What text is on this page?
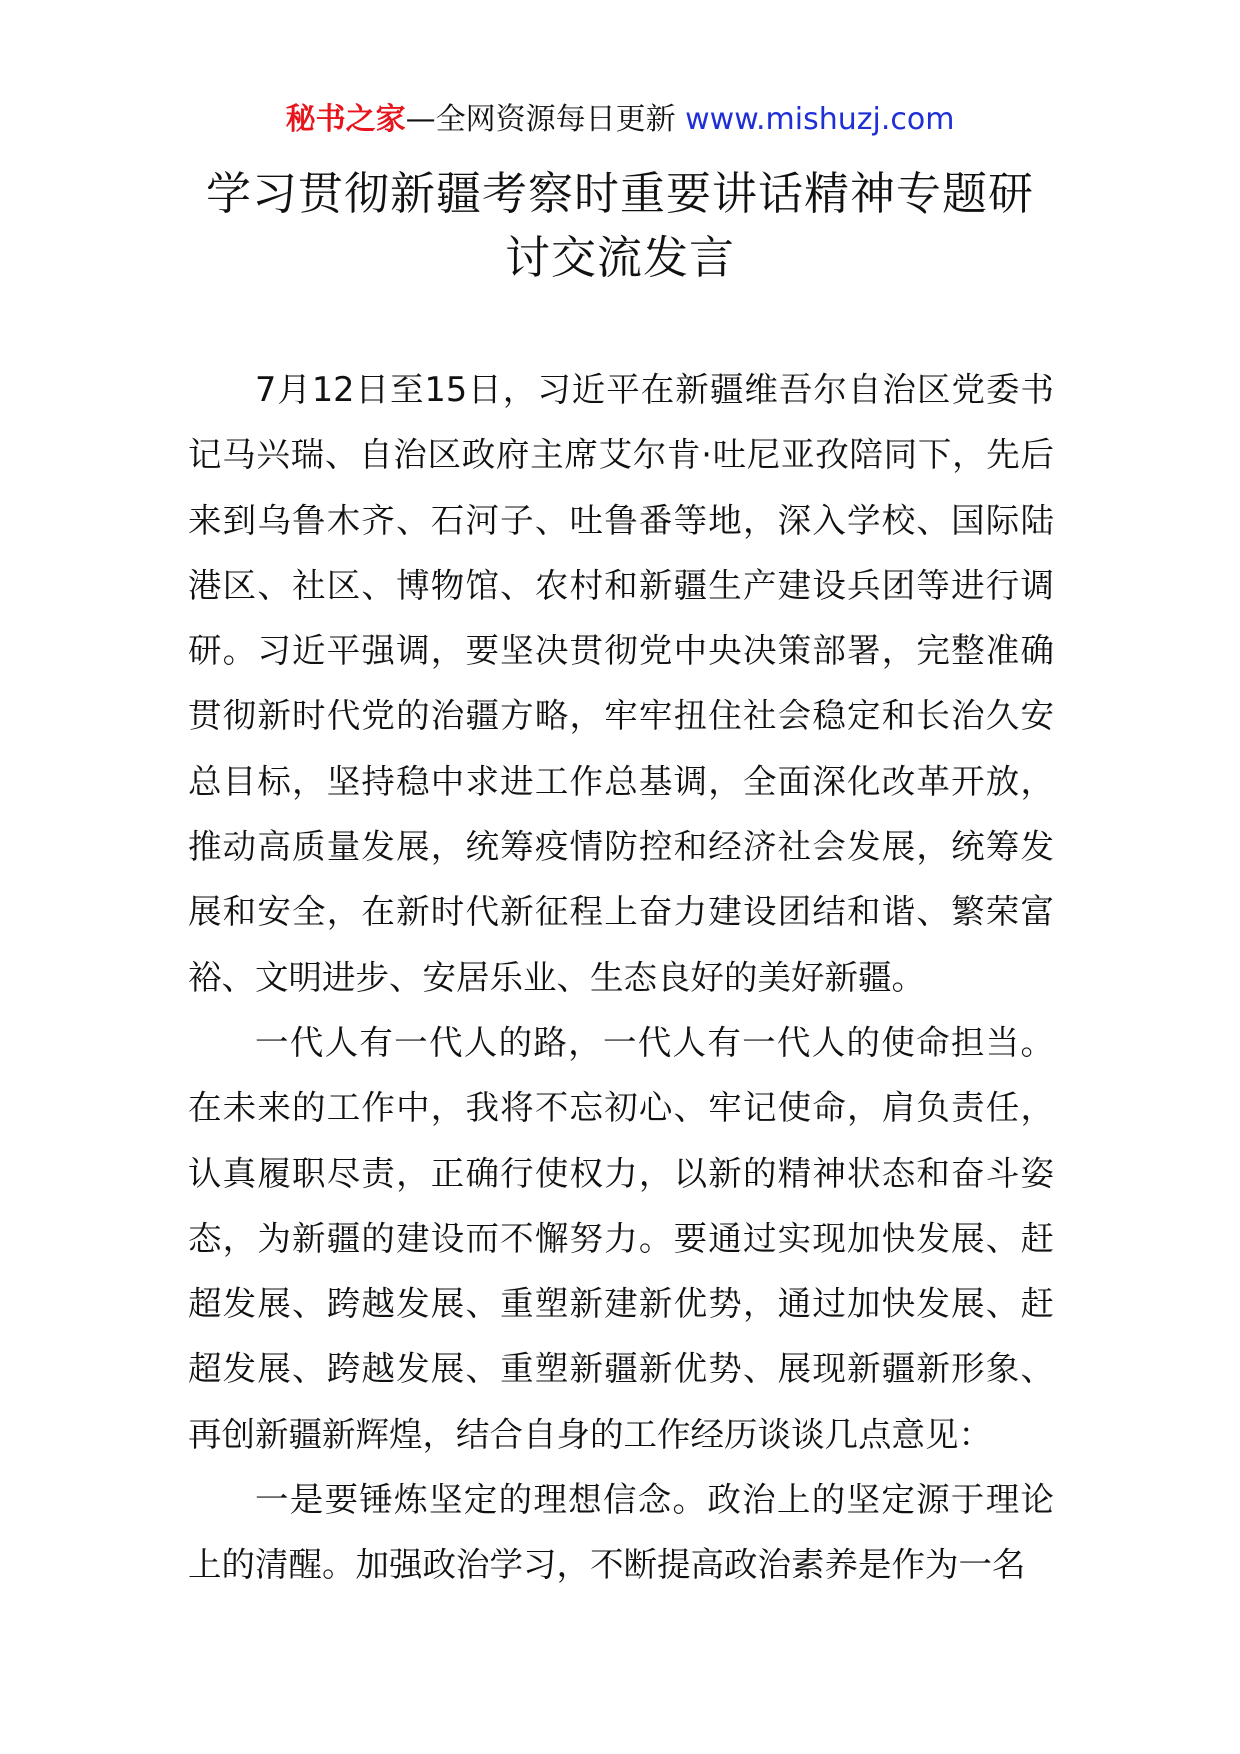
秘书之家—全网资源每日更新 www.mishuzj.com
学习贯彻新疆考察时重要讲话精神专题研讨交流发言

7月12日至15日，习近平在新疆维吾尔自治区党委书记马兴瑞、自治区政府主席艾尔肯·吐尼亚孜陪同下，先后来到乌鲁木齐、石河子、吐鲁番等地，深入学校、国际陆港区、社区、博物馆、农村和新疆生产建设兵团等进行调研。习近平强调，要坚决贯彻党中央决策部署，完整准确贯彻新时代党的治疆方略，牢牢扭住社会稳定和长治久安总目标，坚持稳中求进工作总基调，全面深化改革开放，推动高质量发展，统筹疫情防控和经济社会发展，统筹发展和安全，在新时代新征程上奋力建设团结和谐、繁荣富裕、文明进步、安居乐业、生态良好的美好新疆。

一代人有一代人的路，一代人有一代人的使命担当。在未来的工作中，我将不忘初心、牢记使命，肩负责任，认真履职尽责，正确行使权力，以新的精神状态和奋斗姿态，为新疆的建设而不懈努力。要通过实现加快发展、赶超发展、跨越发展、重塑新建新优势，通过加快发展、赶超发展、跨越发展、重塑新疆新优势、展现新疆新形象、再创新疆新辉煌，结合自身的工作经历谈谈几点意见：

一是要锤炼坚定的理想信念。政治上的坚定源于理论上的清醒。加强政治学习，不断提高政治素养是作为一名
